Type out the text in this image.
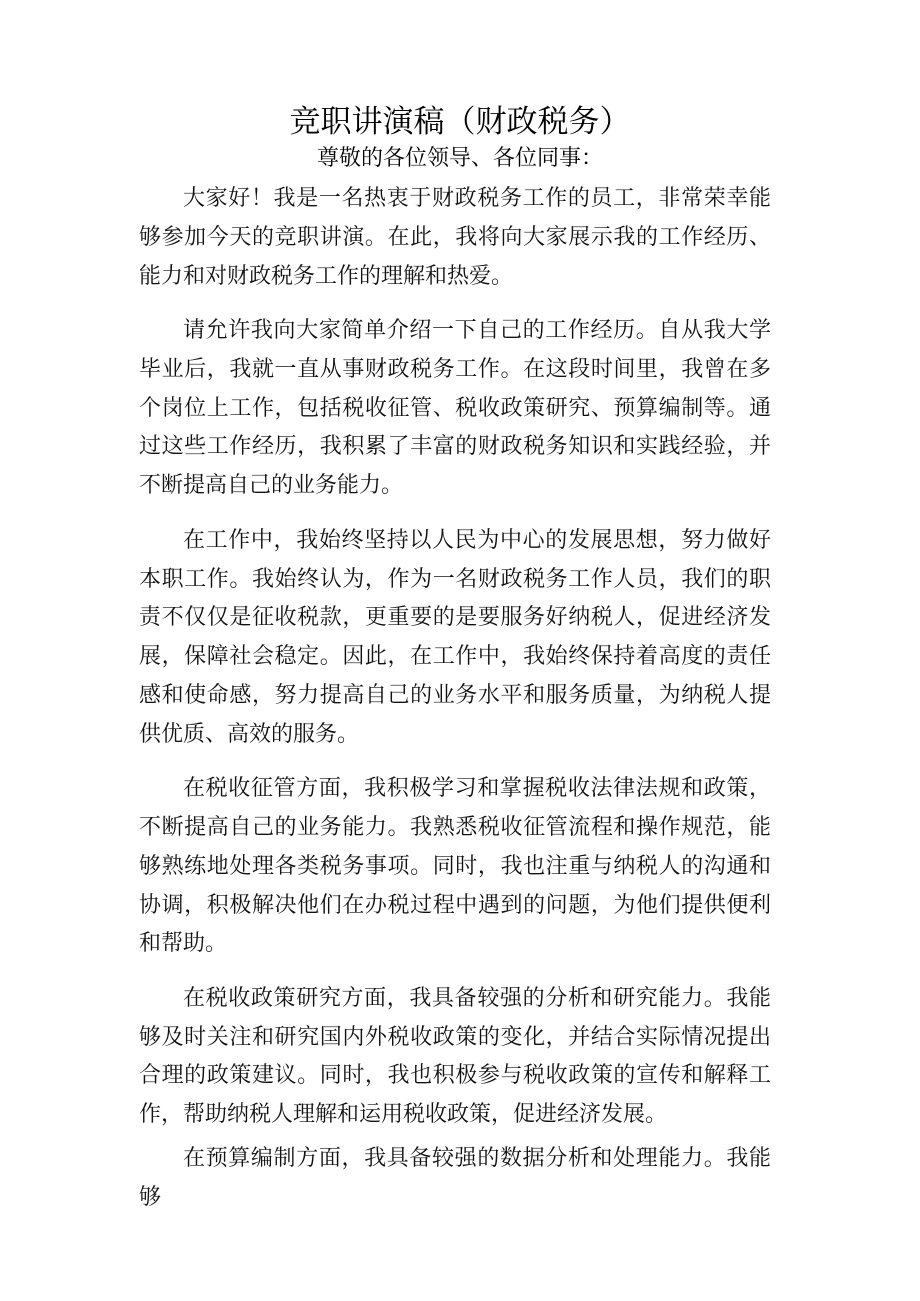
竞职讲演稿（财政税务）
尊敬的各位领导、各位同事：

大家好！我是一名热衷于财政税务工作的员工，非常荣幸能够参加今天的竞职讲演。在此，我将向大家展示我的工作经历、能力和对财政税务工作的理解和热爱。

请允许我向大家简单介绍一下自己的工作经历。自从我大学毕业后，我就一直从事财政税务工作。在这段时间里，我曾在多个岗位上工作，包括税收征管、税收政策研究、预算编制等。通过这些工作经历，我积累了丰富的财政税务知识和实践经验，并不断提高自己的业务能力。

在工作中，我始终坚持以人民为中心的发展思想，努力做好本职工作。我始终认为，作为一名财政税务工作人员，我们的职责不仅仅是征收税款，更重要的是要服务好纳税人，促进经济发展，保障社会稳定。因此，在工作中，我始终保持着高度的责任感和使命感，努力提高自己的业务水平和服务质量，为纳税人提供优质、高效的服务。

在税收征管方面，我积极学习和掌握税收法律法规和政策，不断提高自己的业务能力。我熟悉税收征管流程和操作规范，能够熟练地处理各类税务事项。同时，我也注重与纳税人的沟通和协调，积极解决他们在办税过程中遇到的问题，为他们提供便利和帮助。

在税收政策研究方面，我具备较强的分析和研究能力。我能够及时关注和研究国内外税收政策的变化，并结合实际情况提出合理的政策建议。同时，我也积极参与税收政策的宣传和解释工作，帮助纳税人理解和运用税收政策，促进经济发展。

在预算编制方面，我具备较强的数据分析和处理能力。我能够
